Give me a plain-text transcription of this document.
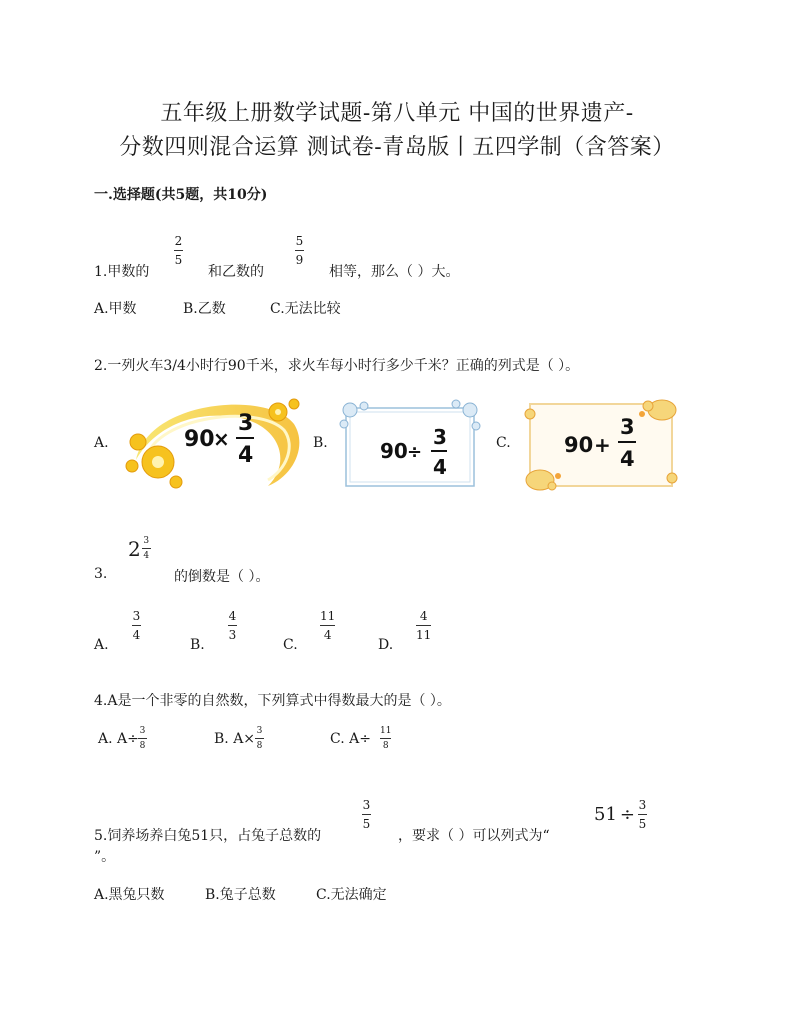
五年级上册数学试题-第八单元 中国的世界遗产-
分数四则混合运算 测试卷-青岛版丨五四学制（含答案）
一.选择题(共5题，共10分)
1.甲数的
2
5
和乙数的
5
9
相等，那么（ ）大。
A.甲数	B.乙数	C.无法比较
2.一列火车3/4小时行90千米，求火车每小时行多少千米？正确的列式是（ ）。
A.	90
×
3
4	B.	90 ÷
3
4
C.	90 +
3
4
3.
$2 \frac{3}{4}$
的倒数是（ ）。
A.
3
4
B.
4
3
C.
11
4
D.
4
11
4.A是一个非零的自然数，下列算式中得数最大的是（ ）。
A. A÷ 3
8	B. A× 3
8	C. A÷ 11
8
5.饲养场养白兔51只，占兔子总数的
3
5
，要求（ ）可以列式为“
$51 \div \frac{3}{5}$
”。
A.黑兔只数	B.兔子总数	C.无法确定
